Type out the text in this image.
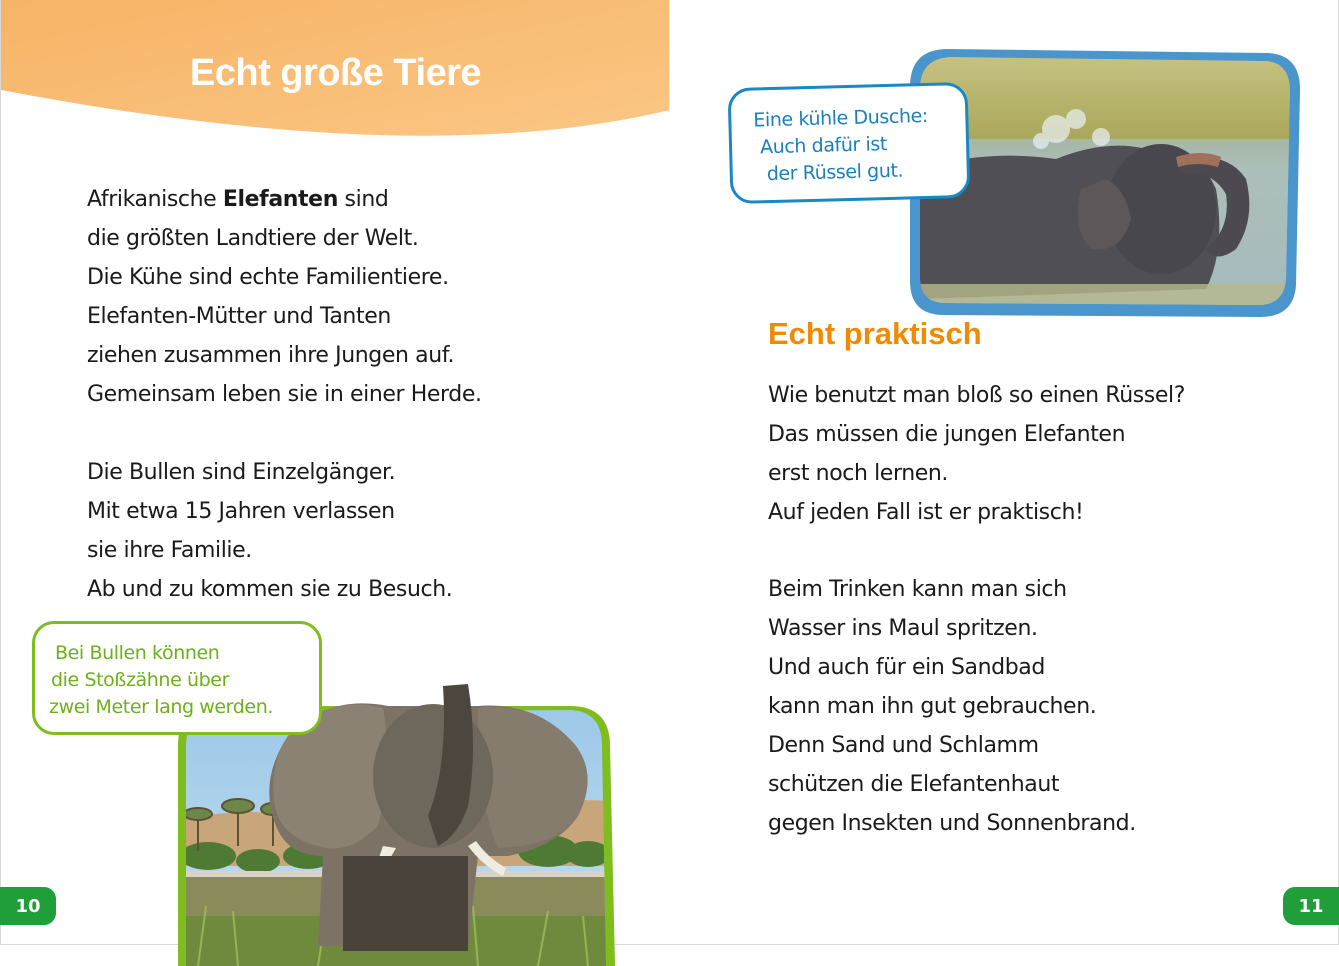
Echt große Tiere
Afrikanische Elefanten sind
die größten Landtiere der Welt.
Die Kühe sind echte Familientiere.
Elefanten-Mütter und Tanten
ziehen zusammen ihre Jungen auf.
Gemeinsam leben sie in einer Herde.
Die Bullen sind Einzelgänger.
Mit etwa 15 Jahren verlassen
sie ihre Familie.
Ab und zu kommen sie zu Besuch.
Bei Bullen können
die Stoßzähne über
zwei Meter lang werden.
Eine kühle Dusche:
Auch dafür ist
der Rüssel gut.
Echt praktisch
Wie benutzt man bloß so einen Rüssel?
Das müssen die jungen Elefanten
erst noch lernen.
Auf jeden Fall ist er praktisch!
Beim Trinken kann man sich
Wasser ins Maul spritzen.
Und auch für ein Sandbad
kann man ihn gut gebrauchen.
Denn Sand und Schlamm
schützen die Elefantenhaut
gegen Insekten und Sonnenbrand.
10	11
